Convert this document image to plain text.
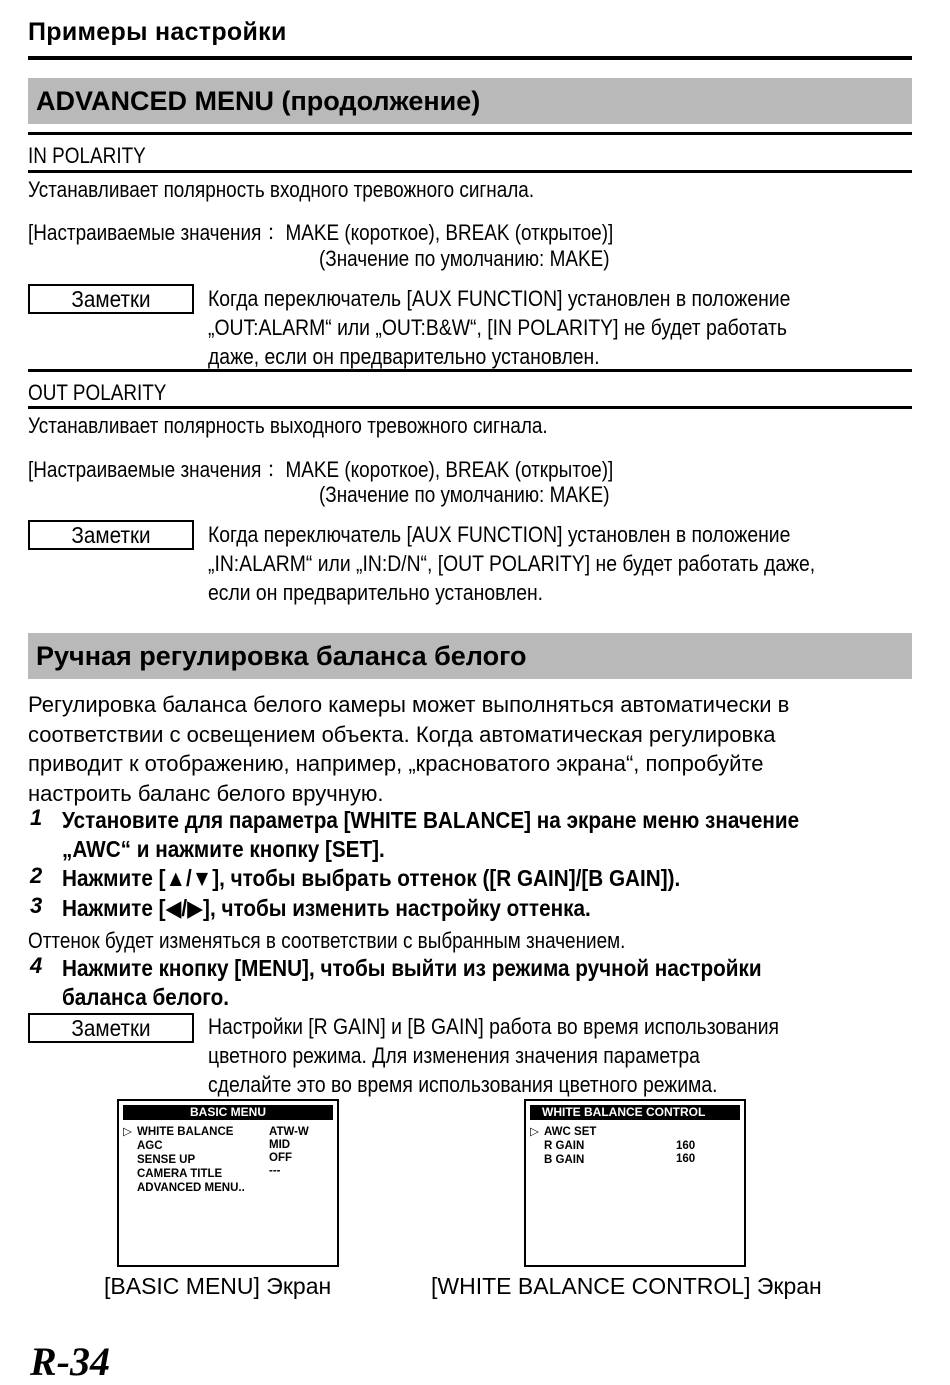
Примеры настройки
ADVANCED MENU (продолжение)
IN POLARITY
Устанавливает полярность входного тревожного сигнала.
[Настраиваемые значения ：MAKE (короткое), BREAK (открытое)]
(Значение по умолчанию: MAKE)
Заметки	Когда переключатель [AUX FUNCTION] установлен в положение
„OUT:ALARM“ или „OUT:B&W“, [IN POLARITY] не будет работать
даже, если он предварительно установлен.
OUT POLARITY
Устанавливает полярность выходного тревожного сигнала.
[Настраиваемые значения ：MAKE (короткое), BREAK (открытое)]
(Значение по умолчанию: MAKE)
Заметки	Когда переключатель [AUX FUNCTION] установлен в положение
„IN:ALARM“ или „IN:D/N“, [OUT POLARITY] не будет работать даже,
если он предварительно установлен.
Ручная регулировка баланса белого
Регулировка баланса белого камеры может выполняться автоматически в
соответствии с освещением объекта. Когда автоматическая регулировка
приводит к отображению, например, „красноватого экрана“, попробуйте
настроить баланс белого вручную.
1 Установите для параметра [WHITE BALANCE] на экране меню значение
„AWC“ и нажмите кнопку [SET].
2 Нажмите [▲/▼], чтобы выбрать оттенок ([R GAIN]/[B GAIN]).
3 Нажмите [◀/▶], чтобы изменить настройку оттенка.
Оттенок будет изменяться в соответствии с выбранным значением.
4 Нажмите кнопку [MENU], чтобы выйти из режима ручной настройки
баланса белого.
Заметки	Настройки [R GAIN] и [B GAIN] работа во время использования
цветного режима. Для изменения значения параметра
сделайте это во время использования цветного режима.
BASIC MENU
▷ WHITE BALANCE	ATW-W
AGC	MID
SENSE UP	OFF
CAMERA TITLE	---
ADVANCED MENU..
[BASIC MENU] Экран
WHITE BALANCE CONTROL
▷ AWC SET
R GAIN	160
B GAIN	160
[WHITE BALANCE CONTROL] Экран
R-34
